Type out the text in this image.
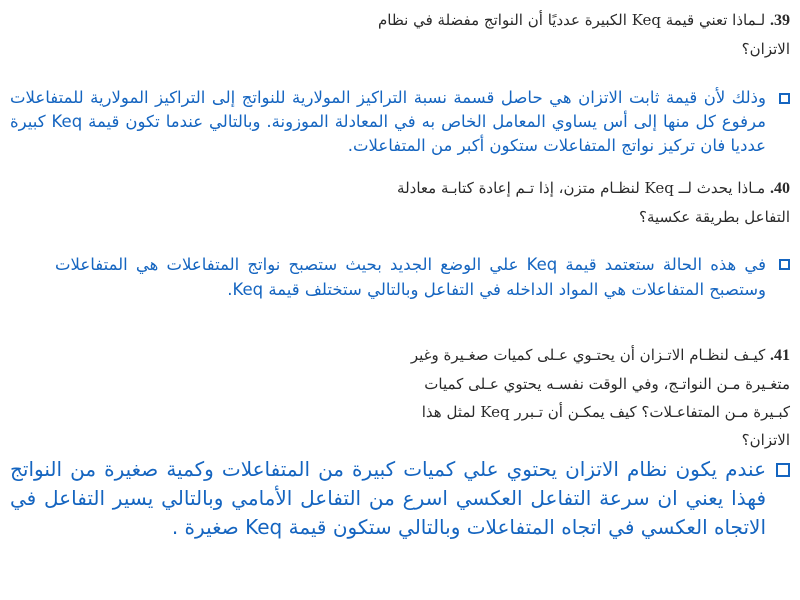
39. لـماذا تعني قيمة Keq الكبيرة عدديًا أن النواتج مفضلة في نظام
الاتزان؟
وذلك لأن قيمة ثابت الاتزان هي حاصل قسمة نسبة التراكيز المولارية للنواتج إلى التراكيز المولارية للمتفاعلات مرفوع كل منها إلى أس يساوي المعامل الخاص به في المعادلة الموزونة. وبالتالي عندما تكون قيمة Keq كبيرة عدديا فان تركيز نواتج المتفاعلات ستكون أكبر من المتفاعلات.
40. مـاذا يحدث لــ Keq لنظـام متزن، إذا تـم إعادة كتابـة معادلة
التفاعل بطريقة عكسية؟
في هذه الحالة ستعتمد قيمة Keq علي الوضع الجديد بحيث ستصبح نواتج المتفاعلات هي المتفاعلات وستصبح المتفاعلات هي المواد الداخله في التفاعل وبالتالي ستختلف قيمة Keq.
41. كيـف لنظـام الاتـزان أن يحتـوي عـلى كميات صغـيرة وغير
متغـيرة مـن النواتـج، وفي الوقت نفسـه يحتوي عـلى كميات
كبـيرة مـن المتفاعـلات؟ كيف يمكـن أن تـبرر Keq لمثل هذا
الاتزان؟
عندم يكون نظام الاتزان يحتوي علي كميات كبيرة من المتفاعلات وكمية صغيرة من النواتج فهذا يعني ان سرعة التفاعل العكسي اسرع من التفاعل الأمامي وبالتالي يسير التفاعل في الاتجاه العكسي في اتجاه المتفاعلات وبالتالي ستكون قيمة Keq صغيرة .
